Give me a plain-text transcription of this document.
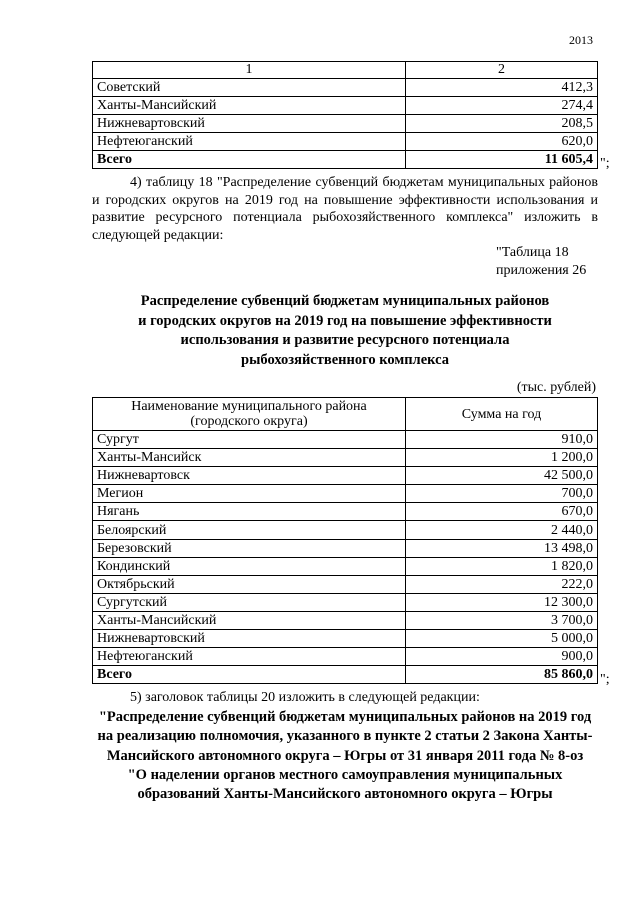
2013
1	2
Советский	412,3
Ханты-Мансийский	274,4
Нижневартовский	208,5
Нефтеюганский	620,0
Всего	11 605,4 ";
4) таблицу 18 "Распределение субвенций бюджетам муниципальных районов и городских округов на 2019 год на повышение эффективности использования и развитие ресурсного потенциала рыбохозяйственного комплекса" изложить в следующей редакции:
"Таблица 18
приложения 26
Распределение субвенций бюджетам муниципальных районов
и городских округов на 2019 год на повышение эффективности
использования и развитие ресурсного потенциала
рыбохозяйственного комплекса
(тыс. рублей)
Наименование муниципального района
(городского округа)	Сумма на год
Сургут	910,0
Ханты-Мансийск	1 200,0
Нижневартовск	42 500,0
Мегион	700,0
Нягань	670,0
Белоярский	2 440,0
Березовский	13 498,0
Кондинский	1 820,0
Октябрьский	222,0
Сургутский	12 300,0
Ханты-Мансийский	3 700,0
Нижневартовский	5 000,0
Нефтеюганский	900,0
Всего	85 860,0 ";
5) заголовок таблицы 20 изложить в следующей редакции:
"Распределение субвенций бюджетам муниципальных районов на 2019 год
на реализацию полномочия, указанного в пункте 2 статьи 2 Закона Ханты-
Мансийского автономного округа – Югры от 31 января 2011 года № 8-оз
"О наделении органов местного самоуправления муниципальных
образований Ханты-Мансийского автономного округа – Югры
